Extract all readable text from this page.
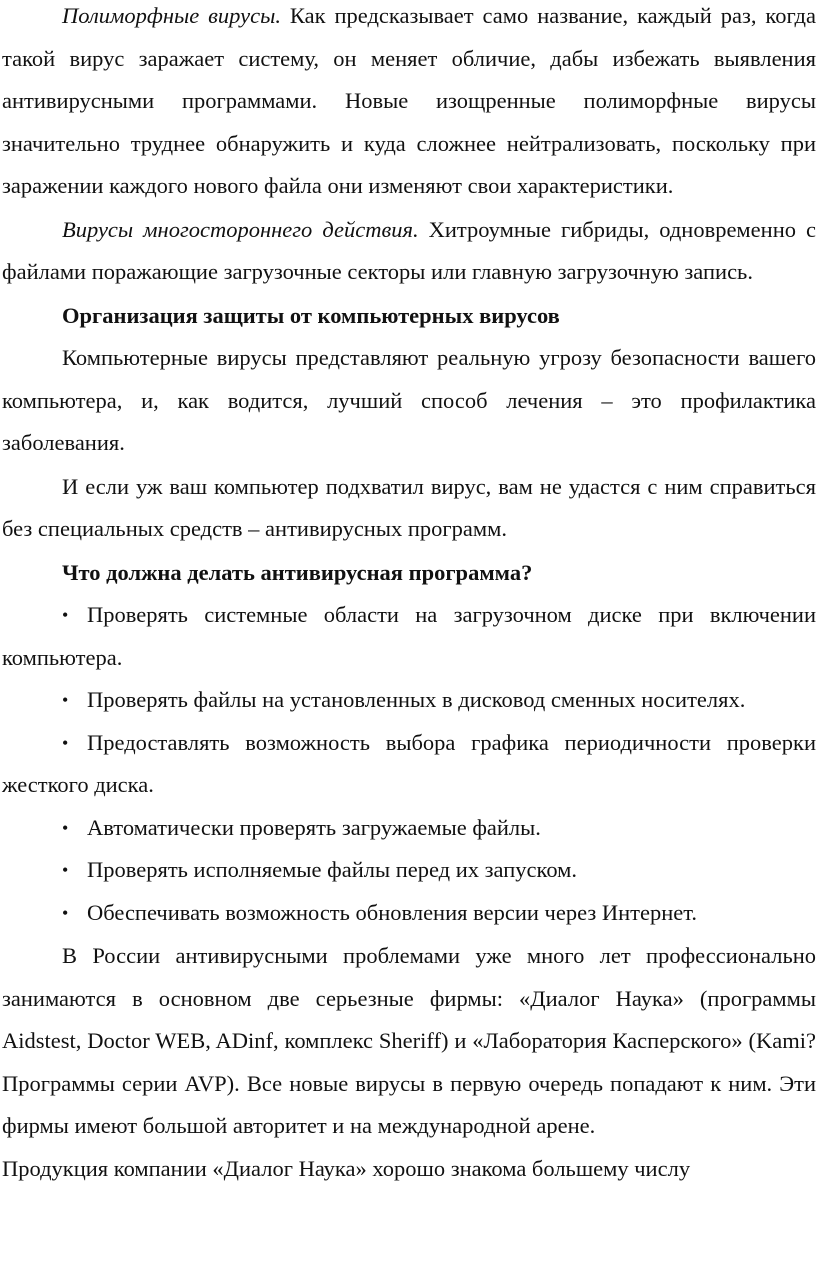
Полиморфные вирусы. Как предсказывает само название, каждый раз, когда такой вирус заражает систему, он меняет обличие, дабы избежать выявления антивирусными программами. Новые изощренные полиморфные вирусы значительно труднее обнаружить и куда сложнее нейтрализовать, поскольку при заражении каждого нового файла они изменяют свои характеристики.

Вирусы многостороннего действия. Хитроумные гибриды, одновременно с файлами поражающие загрузочные секторы или главную загрузочную запись.

Организация защиты от компьютерных вирусов

Компьютерные вирусы представляют реальную угрозу безопасности вашего компьютера, и, как водится, лучший способ лечения – это профилактика заболевания.

И если уж ваш компьютер подхватил вирус, вам не удастся с ним справиться без специальных средств – антивирусных программ.

Что должна делать антивирусная программа?

• Проверять системные области на загрузочном диске при включении компьютера.
• Проверять файлы на установленных в дисковод сменных носителях.
• Предоставлять возможность выбора графика периодичности проверки жесткого диска.
• Автоматически проверять загружаемые файлы.
• Проверять исполняемые файлы перед их запуском.
• Обеспечивать возможность обновления версии через Интернет.

В России антивирусными проблемами уже много лет профессионально занимаются в основном две серьезные фирмы: «Диалог Наука» (программы Aidstest, Doctor WEB, ADinf, комплекс Sheriff) и «Лаборатория Касперского» (Kami? Программы серии AVP). Все новые вирусы в первую очередь попадают к ним. Эти фирмы имеют большой авторитет и на международной арене.

Продукция компании «Диалог Наука» хорошо знакома большему числу
